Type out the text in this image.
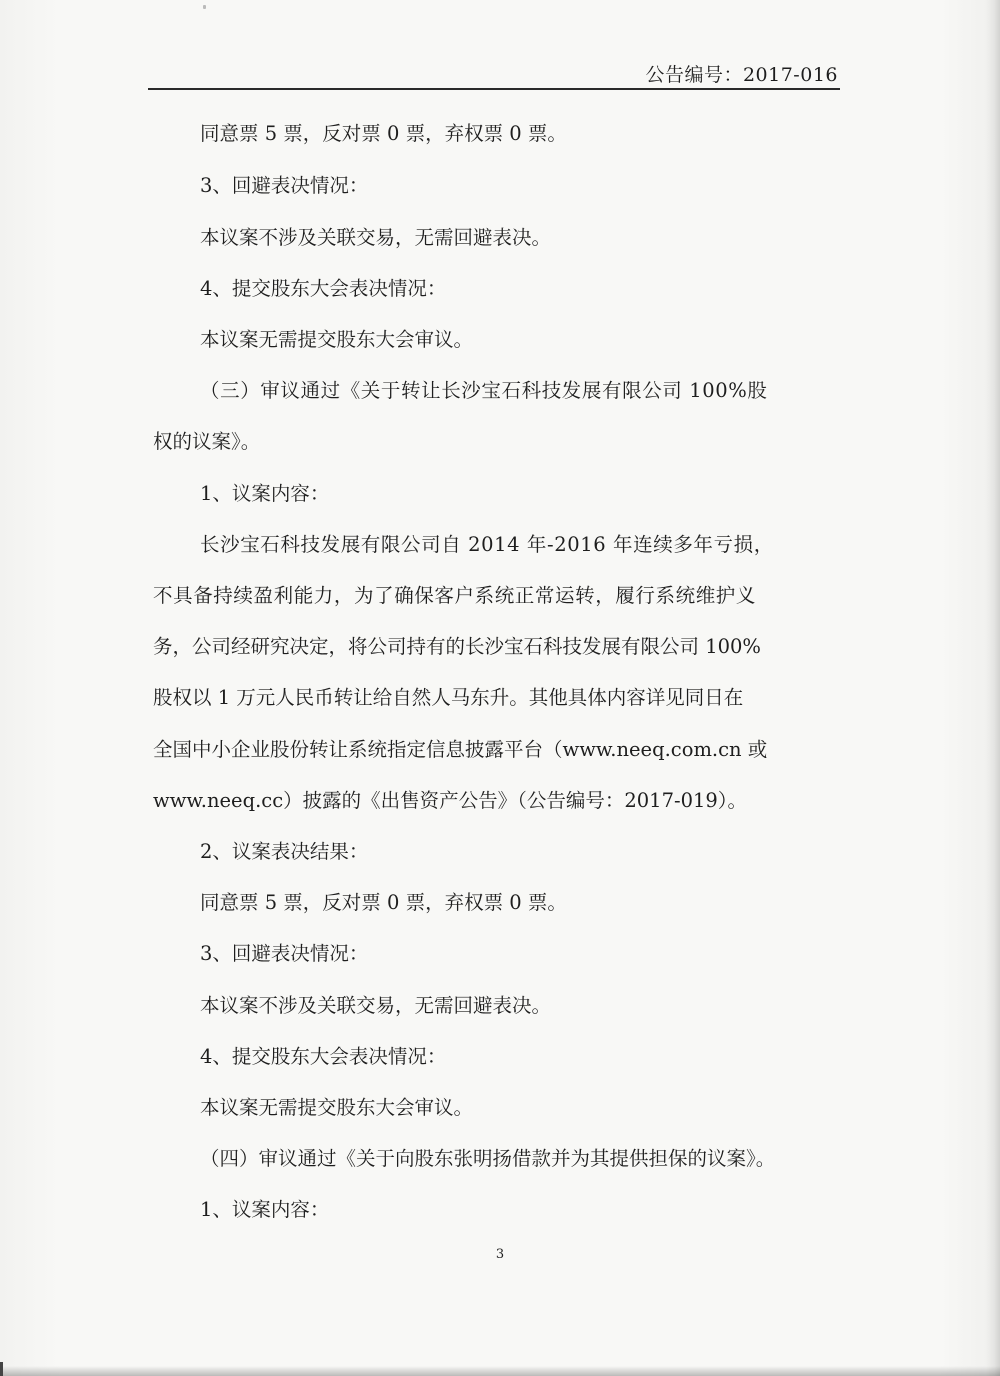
公告编号：2017-016
同意票 5 票，反对票 0 票，弃权票 0 票。
3、回避表决情况：
本议案不涉及关联交易，无需回避表决。
4、提交股东大会表决情况：
本议案无需提交股东大会审议。
（三）审议通过《关于转让长沙宝石科技发展有限公司 100%股
权的议案》。
1、议案内容：
长沙宝石科技发展有限公司自 2014 年-2016 年连续多年亏损，
不具备持续盈利能力，为了确保客户系统正常运转，履行系统维护义
务，公司经研究决定，将公司持有的长沙宝石科技发展有限公司 100%
股权以 1 万元人民币转让给自然人马东升。其他具体内容详见同日在
全国中小企业股份转让系统指定信息披露平台（www.neeq.com.cn 或
www.neeq.cc）披露的《出售资产公告》（公告编号：2017-019）。
2、议案表决结果：
同意票 5 票，反对票 0 票，弃权票 0 票。
3、回避表决情况：
本议案不涉及关联交易，无需回避表决。
4、提交股东大会表决情况：
本议案无需提交股东大会审议。
（四）审议通过《关于向股东张明扬借款并为其提供担保的议案》。
1、议案内容：
3
